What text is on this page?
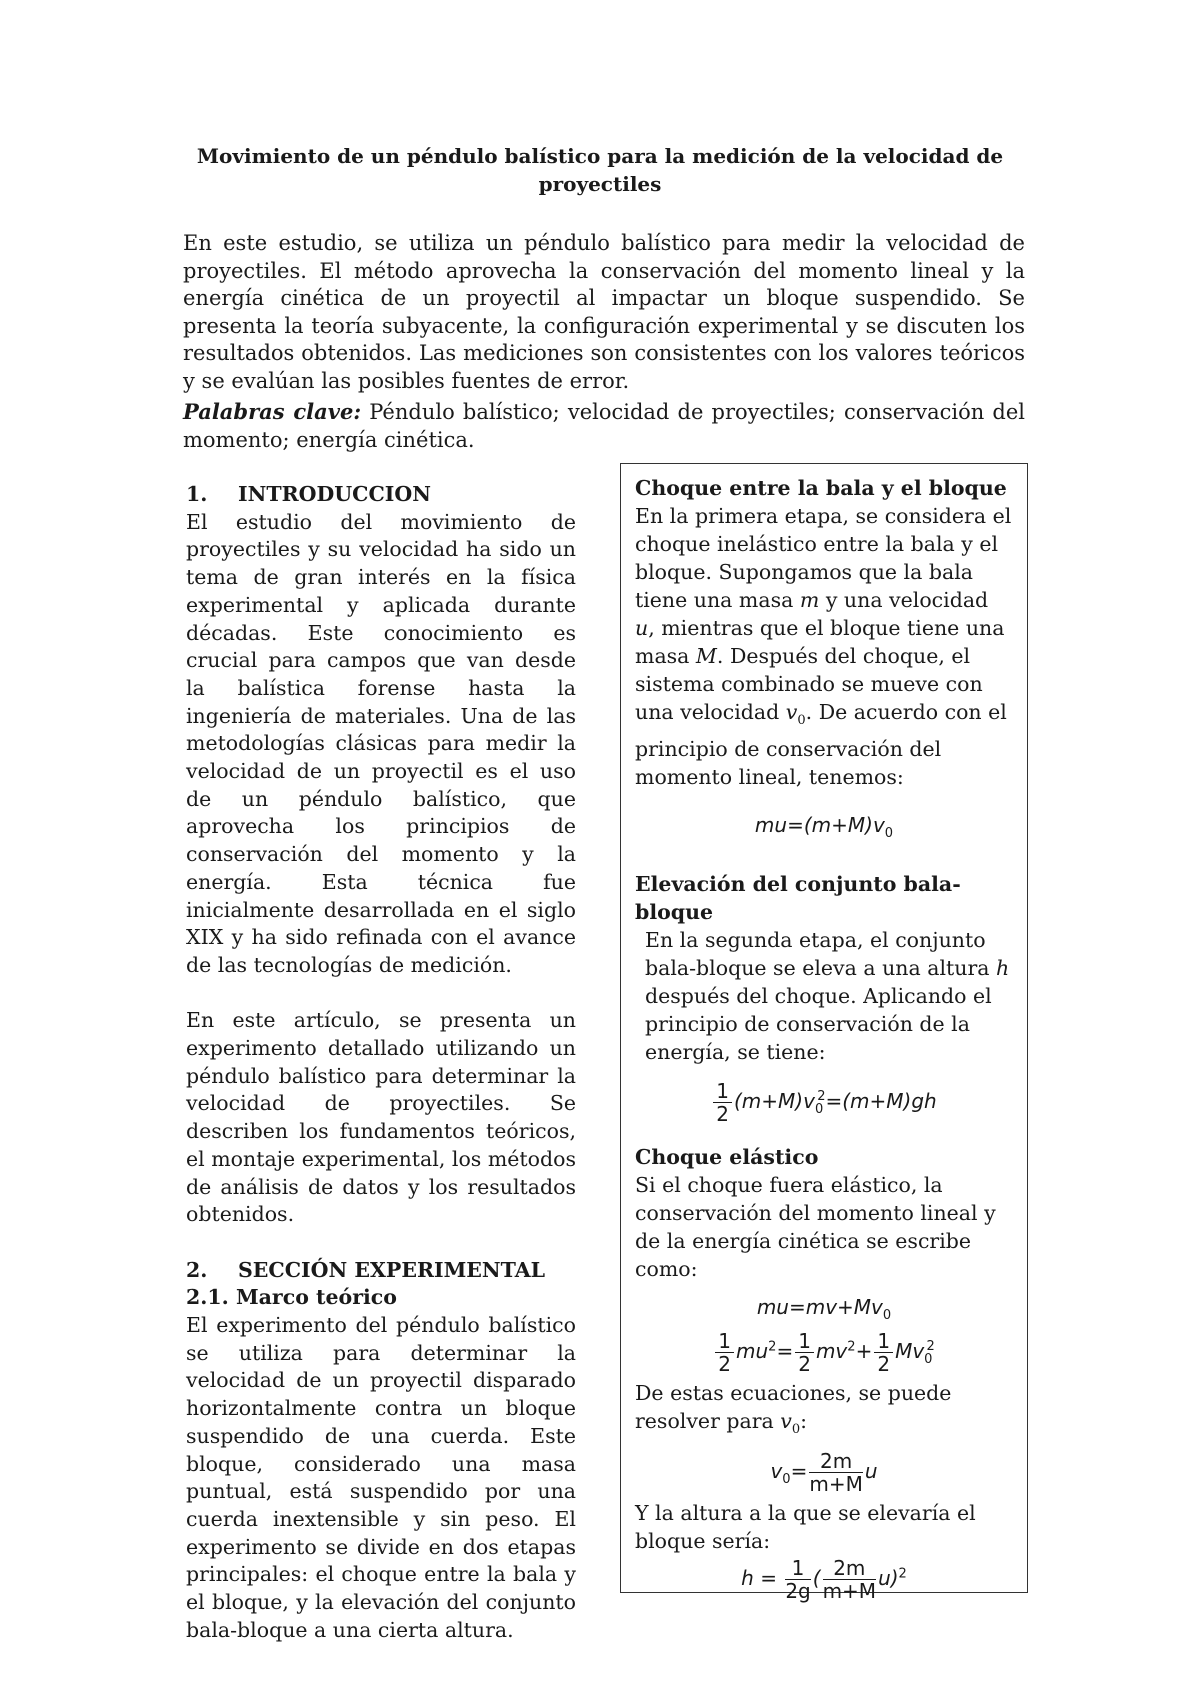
Movimiento de un péndulo balístico para la medición de la velocidad de proyectiles
En este estudio, se utiliza un péndulo balístico para medir la velocidad de proyectiles. El método aprovecha la conservación del momento lineal y la energía cinética de un proyectil al impactar un bloque suspendido. Se presenta la teoría subyacente, la configuración experimental y se discuten los resultados obtenidos. Las mediciones son consistentes con los valores teóricos y se evalúan las posibles fuentes de error.
Palabras clave: Péndulo balístico; velocidad de proyectiles; conservación del momento; energía cinética.

1. INTRODUCCION

El estudio del movimiento de proyectiles y su velocidad ha sido un tema de gran interés en la física experimental y aplicada durante décadas. Este conocimiento es crucial para campos que van desde la balística forense hasta la ingeniería de materiales. Una de las metodologías clásicas para medir la velocidad de un proyectil es el uso de un péndulo balístico, que aprovecha los principios de conservación del momento y la energía. Esta técnica fue inicialmente desarrollada en el siglo XIX y ha sido refinada con el avance de las tecnologías de medición.

En este artículo, se presenta un experimento detallado utilizando un péndulo balístico para determinar la velocidad de proyectiles. Se describen los fundamentos teóricos, el montaje experimental, los métodos de análisis de datos y los resultados obtenidos.

2. SECCIÓN EXPERIMENTAL

2.1. Marco teórico

El experimento del péndulo balístico se utiliza para determinar la velocidad de un proyectil disparado horizontalmente contra un bloque suspendido de una cuerda. Este bloque, considerado una masa puntual, está suspendido por una cuerda inextensible y sin peso. El experimento se divide en dos etapas principales: el choque entre la bala y el bloque, y la elevación del conjunto bala-bloque a una cierta altura.

Choque entre la bala y el bloque

En la primera etapa, se considera el choque inelástico entre la bala y el bloque. Supongamos que la bala tiene una masa m y una velocidad u, mientras que el bloque tiene una masa M. Después del choque, el sistema combinado se mueve con una velocidad $v_0$. De acuerdo con el principio de conservación del momento lineal, tenemos:

$mu=(m+M)v_0$
Elevación del conjunto bala-bloque

En la segunda etapa, el conjunto bala-bloque se eleva a una altura h después del choque. Aplicando el principio de conservación de la energía, se tiene:

$\frac{1}{2} (m+M)v_0^2=(m+M)gh$
Choque elástico

Si el choque fuera elástico, la conservación del momento lineal y de la energía cinética se escribe como:

$mu=mv+Mv_0$
$\frac{1}{2} mu^2= \frac{1}{2} mv^2+ \frac{1}{2} Mv_0^2$

De estas ecuaciones, se puede resolver para $v_0$:

$v_0= \frac{2m}{m+M}$ u

Y la altura a la que se elevaría el bloque sería:

$h = \frac{1}{2g}$ ( $\frac{2m}{m+M} u)^2$
